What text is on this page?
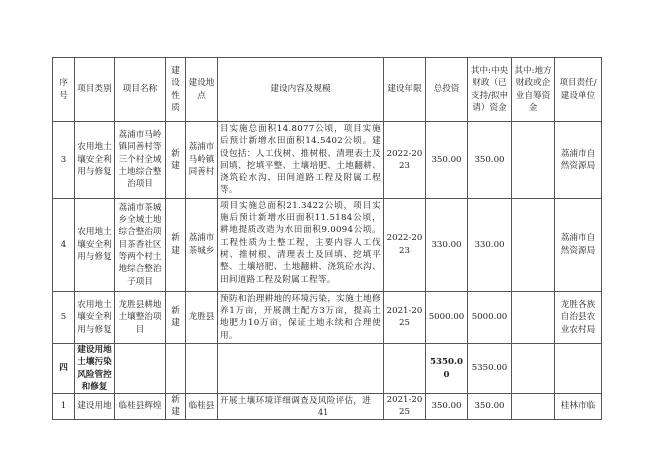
序号	项目类别	项目名称	建设性质	建设地点	建设内容及规模	建设年限	总投资	其中:中央财政（已支持/拟申请）资金	其中:地方财政或企业自筹资金	项目责任/建设单位
3	农用地土壤安全利用与修复	荔浦市马岭镇同善村等三个村全域土地综合整治项目	新建	荔浦市马岭镇同善村	目实施总面积14.8077公顷，项目实施后预计新增水田面积14.5402公顷。建设包括：人工伐树、推树根、清理表土及回填、挖填平整、土壤培肥、土地翻耕、浇筑砼水沟、田间道路工程及附属工程等。	2022-2023	350.00	350.00		荔浦市自然资源局
4	农用地土壤安全利用与修复	荔浦市茶城乡全域土地综合整治项目茶香社区等两个村土地综合整治子项目	新建	荔浦市茶城乡	项目实施总面积21.3422公顷，项目实施后预计新增水田面积11.5184公顷，耕地提质改造为水田面积9.0094公顷。工程性质为土整工程，主要内容人工伐树、推树根、清理表土及回填、挖填平整、土壤培肥、土地翻耕、浇筑砼水沟、田间道路工程及附属工程等。	2022-2023	330.00	330.00		荔浦市自然资源局
5	农用地土壤安全利用与修复	龙胜县耕地土壤整治项目	新建	龙胜县	预防和治理耕地的环境污染，实施土地修养1万亩，开展测土配方3万亩，提高土地肥力10万亩，保证土地永续和合理使用。	2021-2025	5000.00	5000.00		龙胜各族自治县农业农村局
四	建设用地土壤污染风险管控和修复						5350.00	5350.00		
1	建设用地	临桂县辉煌	新建	临桂县	开展土壤环境详细调查及风险评估，进	2021-2025	350.00	350.00		桂林市临
41
